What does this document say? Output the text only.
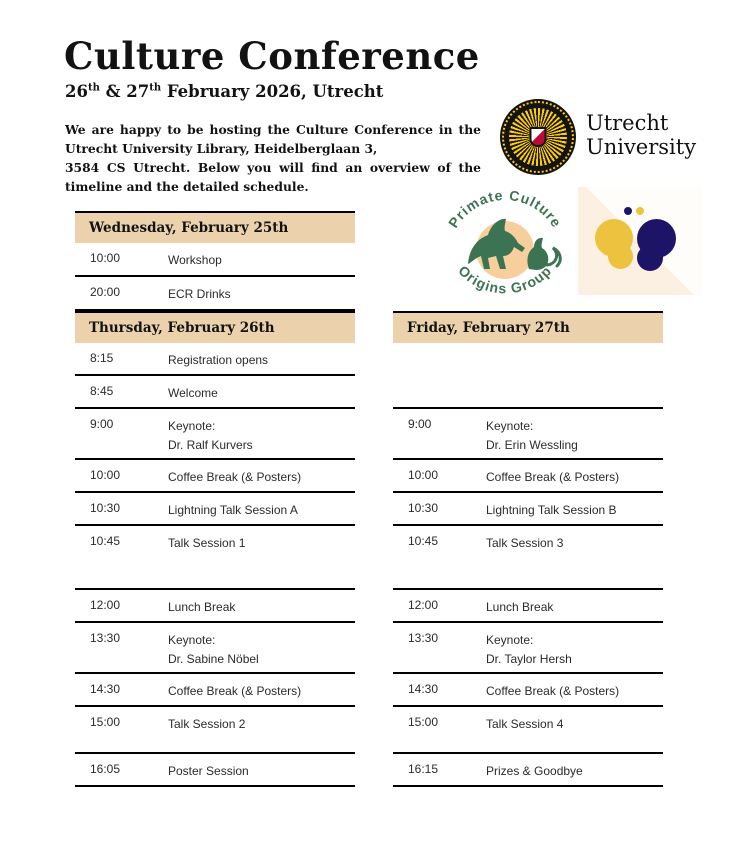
Culture Conference
26th & 27th February 2026, Utrecht

We are happy to be hosting the Culture Conference in the Utrecht University Library, Heidelberglaan 3,

3584 CS Utrecht. Below you will find an overview of the timeline and the detailed schedule.

Utrecht
University
Primate Culture
Origins Group
Wednesday, February 25th
10:00	Workshop
20:00	ECR Drinks
Thursday, February 26th
8:15	Registration opens
8:45	Welcome
9:00	Keynote:
Dr. Ralf Kurvers
10:00	Coffee Break (& Posters)
10:30	Lightning Talk Session A
10:45	Talk Session 1
12:00	Lunch Break
13:30	Keynote:
Dr. Sabine Nöbel
14:30	Coffee Break (& Posters)
15:00	Talk Session 2
16:05	Poster Session
Friday, February 27th
9:00	Keynote:
Dr. Erin Wessling
10:00	Coffee Break (& Posters)
10:30	Lightning Talk Session B
10:45	Talk Session 3
12:00	Lunch Break
13:30	Keynote:
Dr. Taylor Hersh
14:30	Coffee Break (& Posters)
15:00	Talk Session 4
16:15	Prizes & Goodbye
